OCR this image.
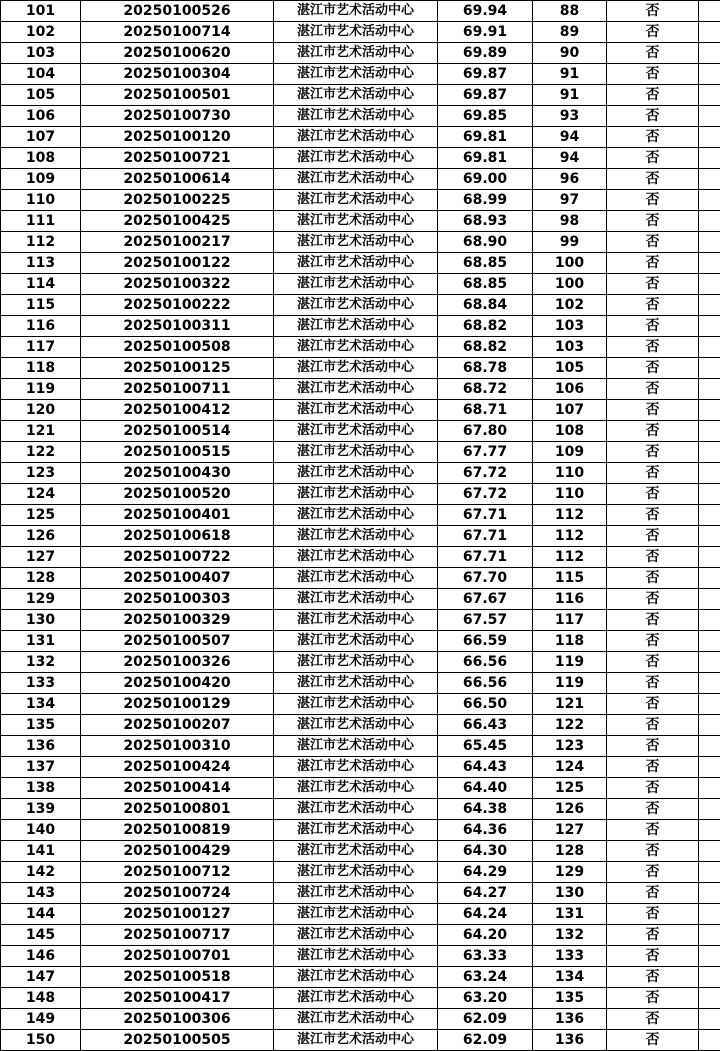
101	20250100526	湛江市艺术活动中心	69.94	88	否	
102	20250100714	湛江市艺术活动中心	69.91	89	否	
103	20250100620	湛江市艺术活动中心	69.89	90	否	
104	20250100304	湛江市艺术活动中心	69.87	91	否	
105	20250100501	湛江市艺术活动中心	69.87	91	否	
106	20250100730	湛江市艺术活动中心	69.85	93	否	
107	20250100120	湛江市艺术活动中心	69.81	94	否	
108	20250100721	湛江市艺术活动中心	69.81	94	否	
109	20250100614	湛江市艺术活动中心	69.00	96	否	
110	20250100225	湛江市艺术活动中心	68.99	97	否	
111	20250100425	湛江市艺术活动中心	68.93	98	否	
112	20250100217	湛江市艺术活动中心	68.90	99	否	
113	20250100122	湛江市艺术活动中心	68.85	100	否	
114	20250100322	湛江市艺术活动中心	68.85	100	否	
115	20250100222	湛江市艺术活动中心	68.84	102	否	
116	20250100311	湛江市艺术活动中心	68.82	103	否	
117	20250100508	湛江市艺术活动中心	68.82	103	否	
118	20250100125	湛江市艺术活动中心	68.78	105	否	
119	20250100711	湛江市艺术活动中心	68.72	106	否	
120	20250100412	湛江市艺术活动中心	68.71	107	否	
121	20250100514	湛江市艺术活动中心	67.80	108	否	
122	20250100515	湛江市艺术活动中心	67.77	109	否	
123	20250100430	湛江市艺术活动中心	67.72	110	否	
124	20250100520	湛江市艺术活动中心	67.72	110	否	
125	20250100401	湛江市艺术活动中心	67.71	112	否	
126	20250100618	湛江市艺术活动中心	67.71	112	否	
127	20250100722	湛江市艺术活动中心	67.71	112	否	
128	20250100407	湛江市艺术活动中心	67.70	115	否	
129	20250100303	湛江市艺术活动中心	67.67	116	否	
130	20250100329	湛江市艺术活动中心	67.57	117	否	
131	20250100507	湛江市艺术活动中心	66.59	118	否	
132	20250100326	湛江市艺术活动中心	66.56	119	否	
133	20250100420	湛江市艺术活动中心	66.56	119	否	
134	20250100129	湛江市艺术活动中心	66.50	121	否	
135	20250100207	湛江市艺术活动中心	66.43	122	否	
136	20250100310	湛江市艺术活动中心	65.45	123	否	
137	20250100424	湛江市艺术活动中心	64.43	124	否	
138	20250100414	湛江市艺术活动中心	64.40	125	否	
139	20250100801	湛江市艺术活动中心	64.38	126	否	
140	20250100819	湛江市艺术活动中心	64.36	127	否	
141	20250100429	湛江市艺术活动中心	64.30	128	否	
142	20250100712	湛江市艺术活动中心	64.29	129	否	
143	20250100724	湛江市艺术活动中心	64.27	130	否	
144	20250100127	湛江市艺术活动中心	64.24	131	否	
145	20250100717	湛江市艺术活动中心	64.20	132	否	
146	20250100701	湛江市艺术活动中心	63.33	133	否	
147	20250100518	湛江市艺术活动中心	63.24	134	否	
148	20250100417	湛江市艺术活动中心	63.20	135	否	
149	20250100306	湛江市艺术活动中心	62.09	136	否	
150	20250100505	湛江市艺术活动中心	62.09	136	否	
